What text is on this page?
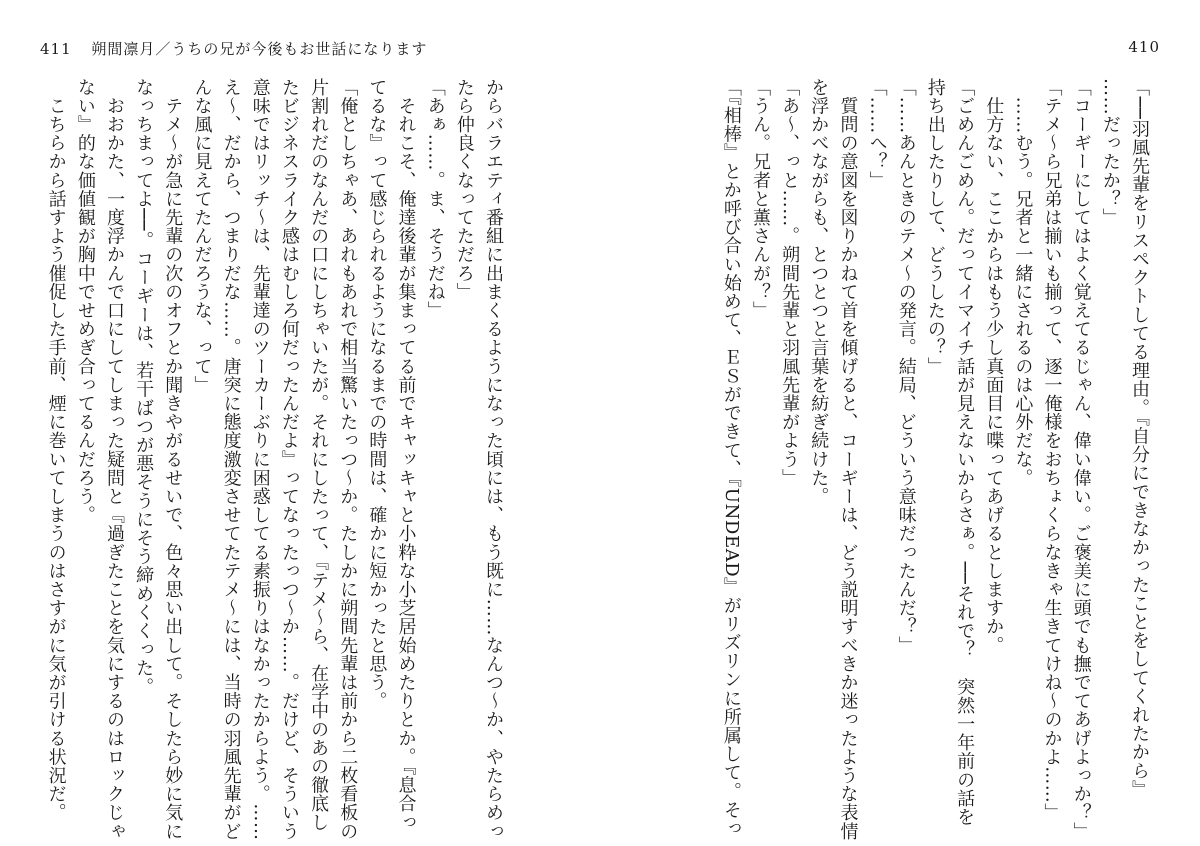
410
「──羽風先輩をリスペクトしてる理由。『自分にできなかったことをしてくれたから』
……だったか？」
「コーギーにしてはよく覚えてるじゃん、偉い偉い。ご褒美に頭でも撫でてあげよっか？」
「テメ〜ら兄弟は揃いも揃って、逐一俺様をおちょくらなきゃ生きてけね〜のかよ……」
　……むう。兄者と一緒にされるのは心外だな。
　仕方ない、ここからはもう少し真面目に喋ってあげるとしますか。
「ごめんごめん。だってイマイチ話が見えないからさぁ。──それで？　突然一年前の話を
持ち出したりして、どうしたの？」
「……あんときのテメ〜の発言。結局、どういう意味だったんだ？」
「……へ？」
　質問の意図を図りかねて首を傾げると、コーギーは、どう説明すべきか迷ったような表情
を浮かべながらも、とつとつと言葉を紡ぎ続けた。
「あ〜、っと……。朔間先輩と羽風先輩がよう」
「うん。兄者と薫さんが？」
「『相棒』とか呼び合い始めて、ＥＳができて、『UNDEAD』がリズリンに所属して。そっ
411 朔間凛月／うちの兄が今後もお世話になります
からバラエティ番組に出まくるようになった頃には、もう既に……なんつ〜か、やたらめっ
たら仲良くなってただろ」
「あぁ……。ま、そうだね」
　それこそ、俺達後輩が集まってる前でキャッキャと小粋な小芝居始めたりとか。『息合っ
てるな』って感じられるようになるまでの時間は、確かに短かったと思う。
「俺としちゃあ、あれもあれで相当驚いたっつ〜か。たしかに朔間先輩は前から二枚看板の
片割れだのなんだの口にしちゃいたが。それにしたって、『テメ〜ら、在学中のあの徹底し
たビジネスライク感はむしろ何だったんだよ』ってなったっつ〜か……。だけど、そういう
意味ではリッチ〜は、先輩達のツーカーぶりに困惑してる素振りはなかったからよう。……
え〜、だから、つまりだな……。唐突に態度激変させてたテメ〜には、当時の羽風先輩がど
んな風に見えてたんだろうな、って」
　テメ〜が急に先輩の次のオフとか聞きやがるせいで、色々思い出して。そしたら妙に気に
なっちまってよ──。コーギーは、若干ばつが悪そうにそう締めくくった。
　おおかた、一度浮かんで口にしてしまった疑問と『過ぎたことを気にするのはロックじゃ
ない』的な価値観が胸中でせめぎ合ってるんだろう。
　こちらから話すよう催促した手前、煙に巻いてしまうのはさすがに気が引ける状況だ。
